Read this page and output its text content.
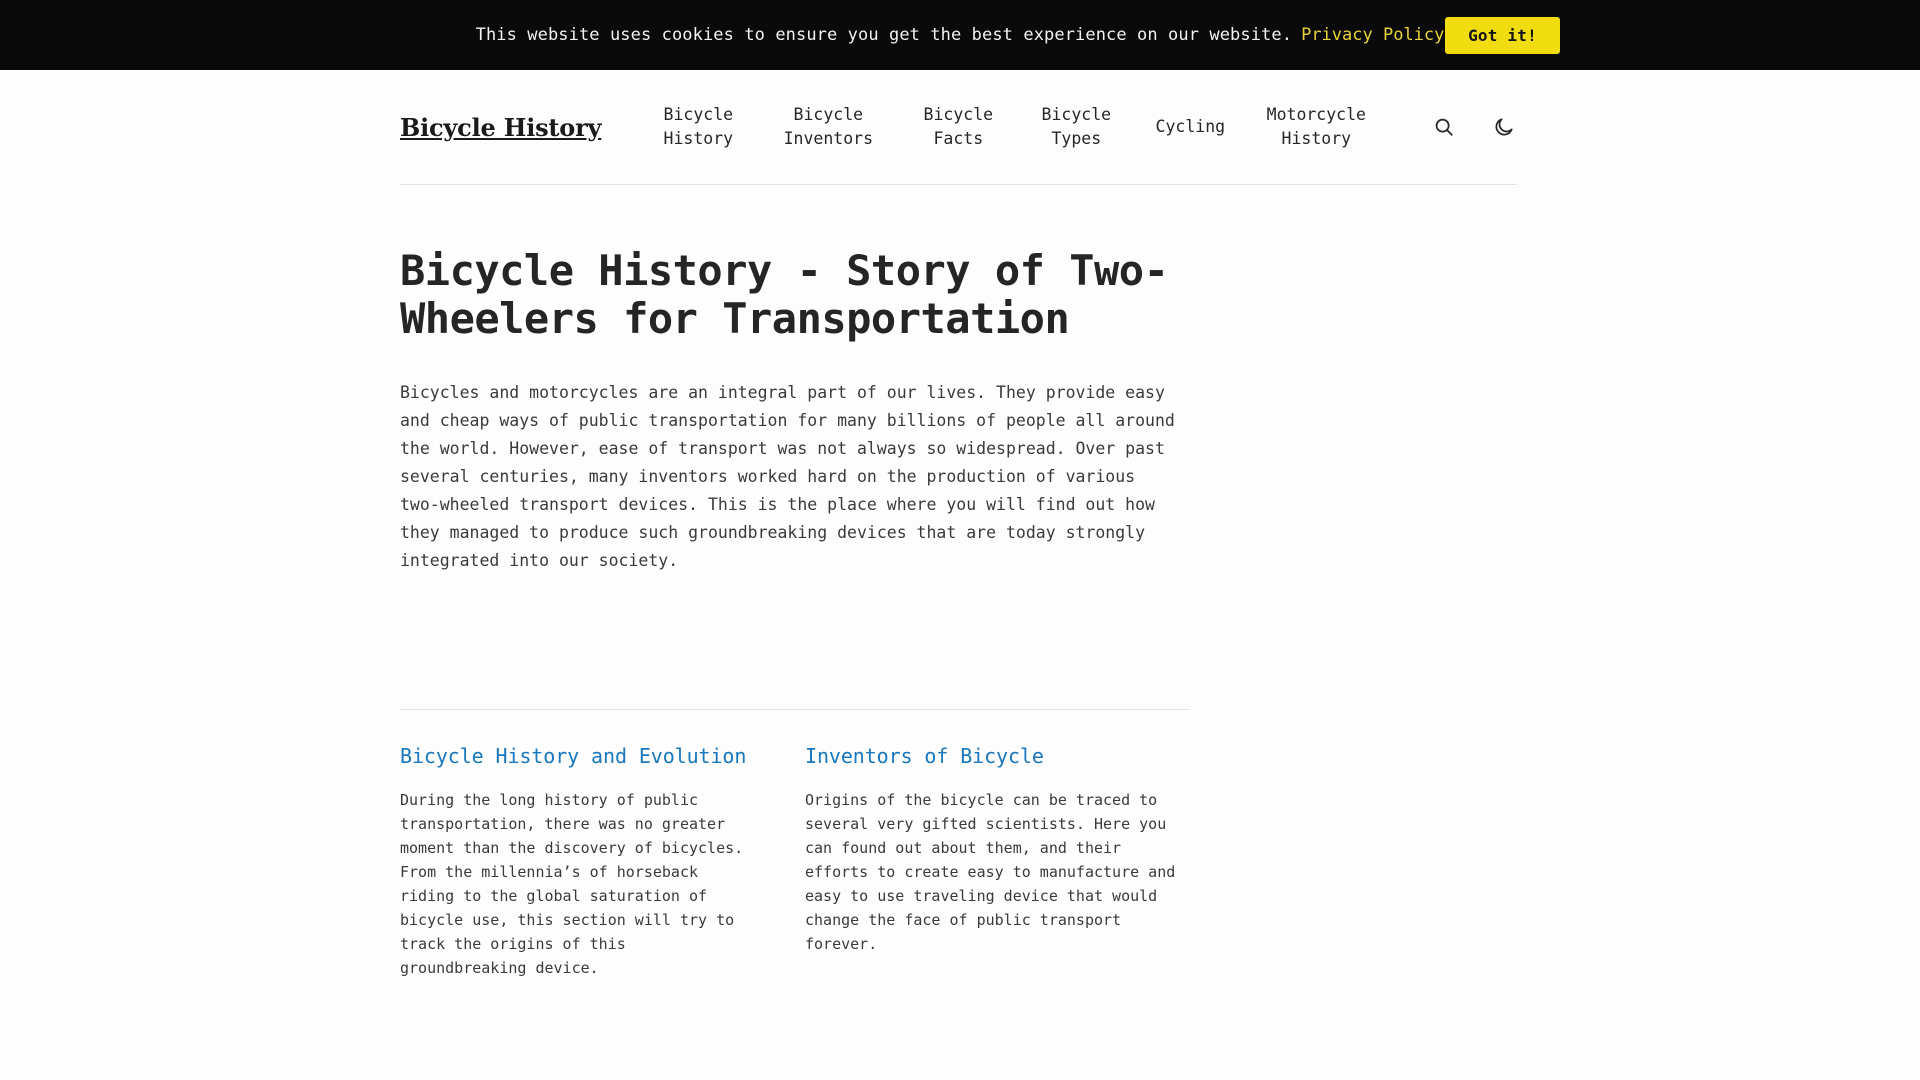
This website uses cookies to ensure you get the best experience on our website. Privacy Policy	Got it!
Bicycle History	Bicycle
History
Bicycle
Inventors
Bicycle
Facts
Bicycle
Types
Cycling
Motorcycle
History
Bicycle History - Story of Two-Wheelers for Transportation

Bicycles and motorcycles are an integral part of our lives. They provide easy and cheap ways of public transportation for many billions of people all around the world. However, ease of transport was not always so widespread. Over past several centuries, many inventors worked hard on the production of various two-wheeled transport devices. This is the place where you will find out how they managed to produce such groundbreaking devices that are today strongly integrated into our society.

Bicycle History and Evolution

During the long history of public transportation, there was no greater moment than the discovery of bicycles. From the millennia’s of horseback riding to the global saturation of bicycle use, this section will try to track the origins of this groundbreaking device.

Inventors of Bicycle

Origins of the bicycle can be traced to several very gifted scientists. Here you can found out about them, and their efforts to create easy to manufacture and easy to use traveling device that would change the face of public transport forever.
